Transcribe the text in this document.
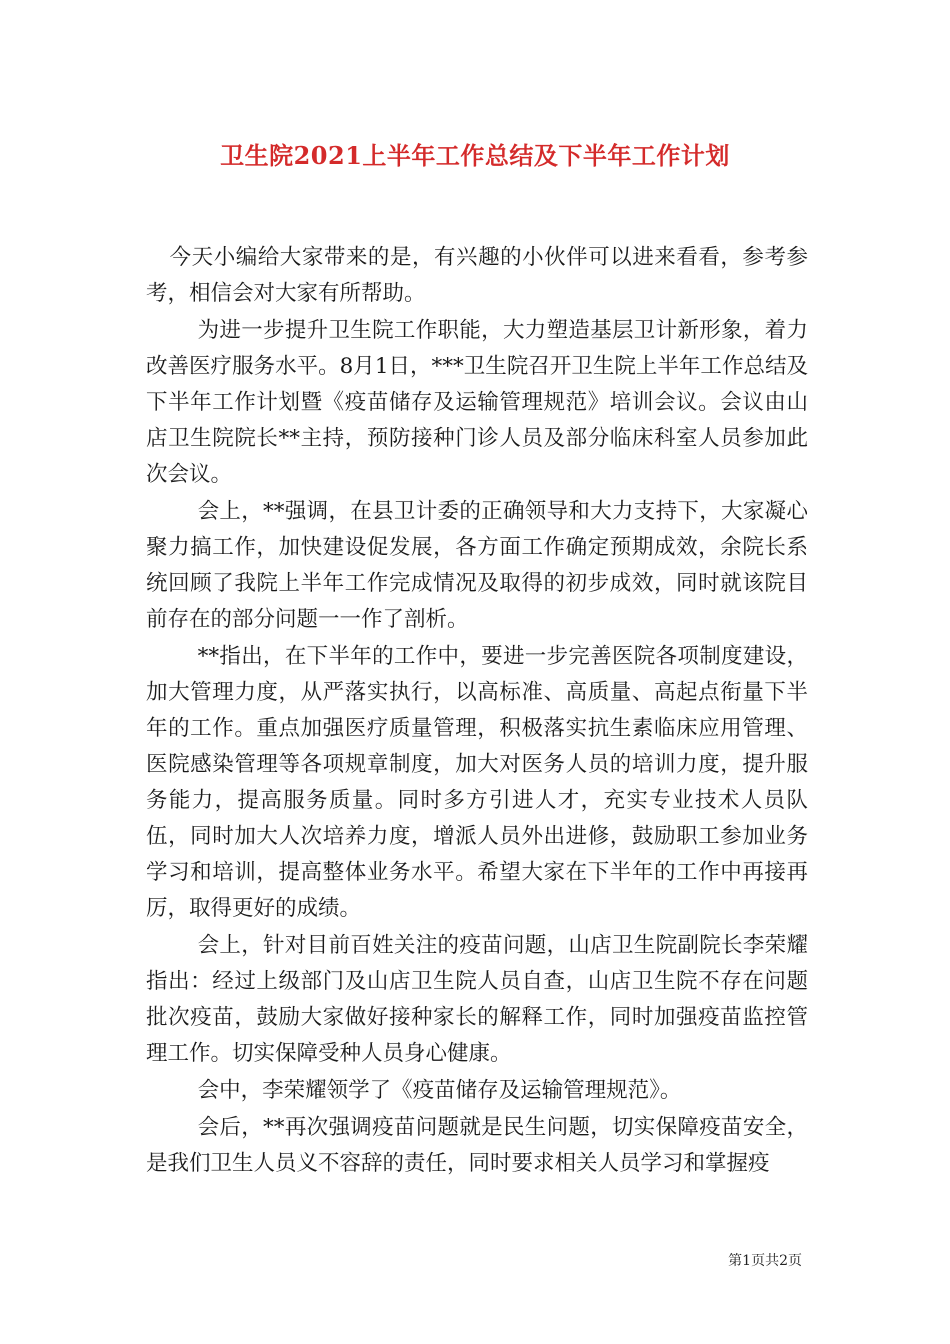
卫生院2021上半年工作总结及下半年工作计划

今天小编给大家带来的是，有兴趣的小伙伴可以进来看看，参考参考，相信会对大家有所帮助。

为进一步提升卫生院工作职能，大力塑造基层卫计新形象，着力改善医疗服务水平。8月1日，***卫生院召开卫生院上半年工作总结及下半年工作计划暨《疫苗储存及运输管理规范》培训会议。会议由山店卫生院院长**主持，预防接种门诊人员及部分临床科室人员参加此次会议。

会上，**强调，在县卫计委的正确领导和大力支持下，大家凝心聚力搞工作，加快建设促发展，各方面工作确定预期成效，余院长系统回顾了我院上半年工作完成情况及取得的初步成效，同时就该院目前存在的部分问题一一作了剖析。

**指出，在下半年的工作中，要进一步完善医院各项制度建设，加大管理力度，从严落实执行，以高标准、高质量、高起点衔量下半年的工作。重点加强医疗质量管理，积极落实抗生素临床应用管理、医院感染管理等各项规章制度，加大对医务人员的培训力度，提升服务能力，提高服务质量。同时多方引进人才，充实专业技术人员队伍，同时加大人次培养力度，增派人员外出进修，鼓励职工参加业务学习和培训，提高整体业务水平。希望大家在下半年的工作中再接再厉，取得更好的成绩。

会上，针对目前百姓关注的疫苗问题，山店卫生院副院长李荣耀指出：经过上级部门及山店卫生院人员自查，山店卫生院不存在问题批次疫苗，鼓励大家做好接种家长的解释工作，同时加强疫苗监控管理工作。切实保障受种人员身心健康。

会中，李荣耀领学了《疫苗储存及运输管理规范》。

会后，**再次强调疫苗问题就是民生问题，切实保障疫苗安全，是我们卫生人员义不容辞的责任，同时要求相关人员学习和掌握疫

第1页共2页
